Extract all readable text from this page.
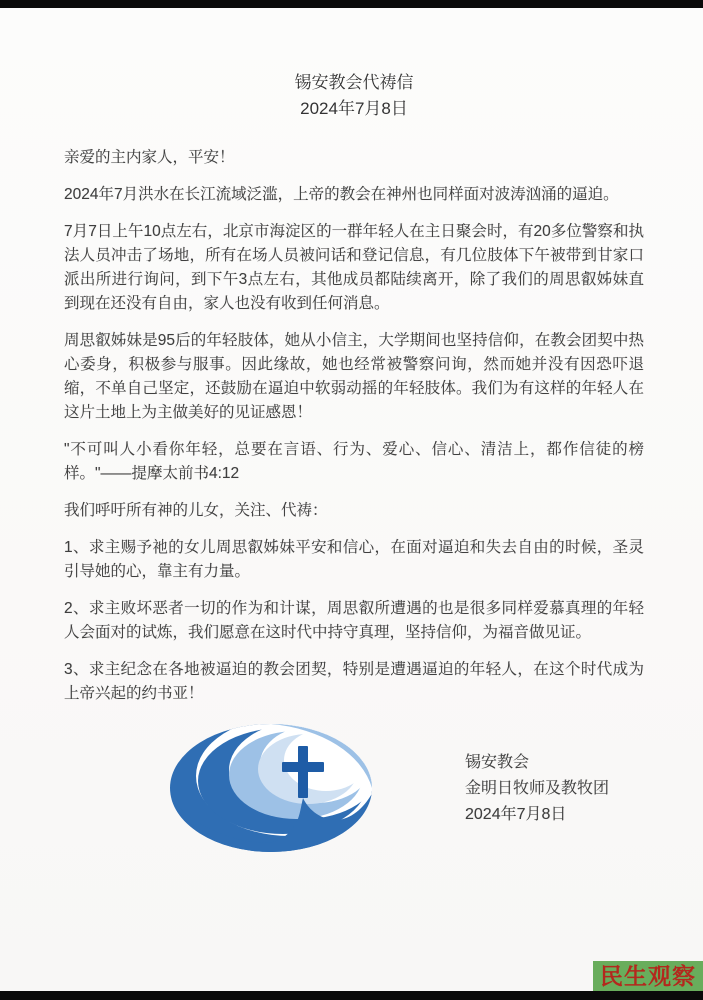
锡安教会代祷信
2024年7月8日

亲爱的主内家人，平安！

2024年7月洪水在长江流域泛滥，上帝的教会在神州也同样面对波涛汹涌的逼迫。

7月7日上午10点左右，北京市海淀区的一群年轻人在主日聚会时，有20多位警察和执法人员冲击了场地，所有在场人员被问话和登记信息，有几位肢体下午被带到甘家口派出所进行询问，到下午3点左右，其他成员都陆续离开，除了我们的周思叡姊妹直到现在还没有自由，家人也没有收到任何消息。

周思叡姊妹是95后的年轻肢体，她从小信主，大学期间也坚持信仰，在教会团契中热心委身，积极参与服事。因此缘故，她也经常被警察问询，然而她并没有因恐吓退缩，不单自己坚定，还鼓励在逼迫中软弱动摇的年轻肢体。我们为有这样的年轻人在这片土地上为主做美好的见证感恩！

"不可叫人小看你年轻，总要在言语、行为、爱心、信心、清洁上，都作信徒的榜样。"——提摩太前书4:12

我们呼吁所有神的儿女，关注、代祷：

1、求主赐予祂的女儿周思叡姊妹平安和信心，在面对逼迫和失去自由的时候，圣灵引导她的心，靠主有力量。

2、求主败坏恶者一切的作为和计谋，周思叡所遭遇的也是很多同样爱慕真理的年轻人会面对的试炼，我们愿意在这时代中持守真理，坚持信仰，为福音做见证。

3、求主纪念在各地被逼迫的教会团契，特别是遭遇逼迫的年轻人，在这个时代成为上帝兴起的约书亚！

锡安教会
金明日牧师及教牧团
2024年7月8日
民生观察
